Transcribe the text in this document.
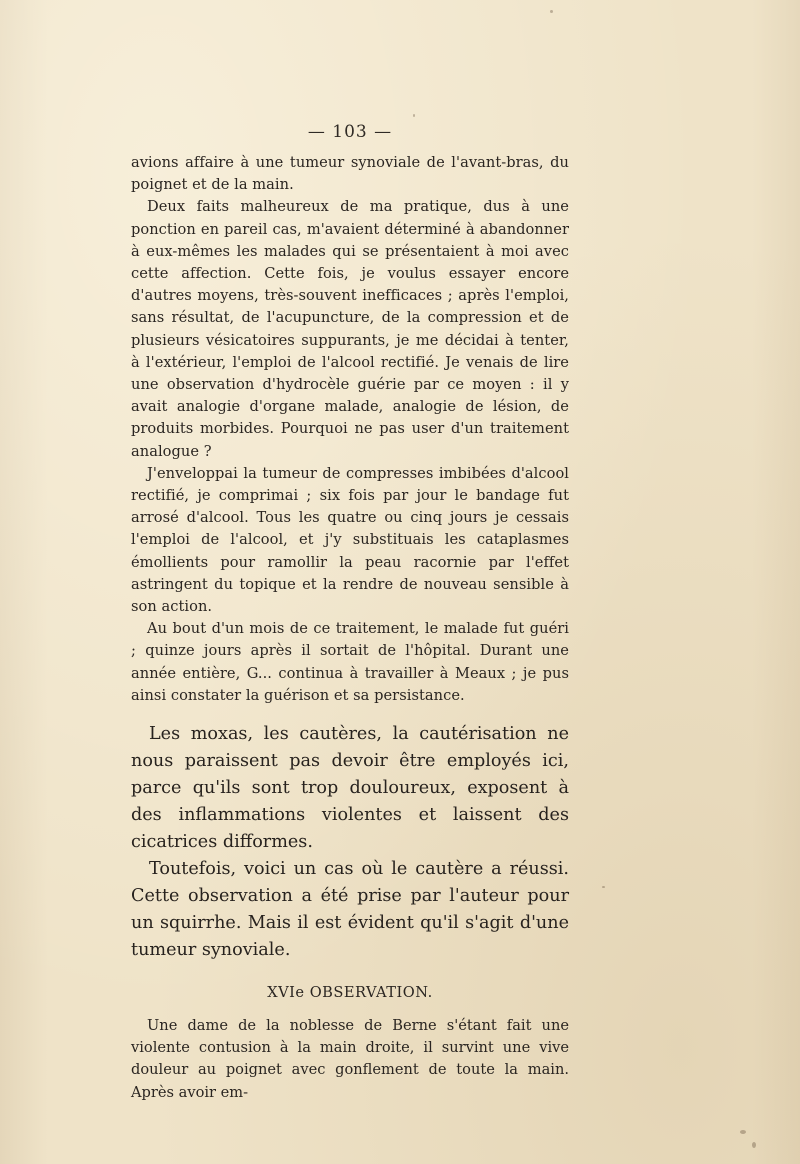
— 103 —

avions affaire à une tumeur synoviale de l'avant-bras, du poignet et de la main.

Deux faits malheureux de ma pratique, dus à une ponction en pareil cas, m'avaient déterminé à abandonner à eux-mêmes les malades qui se présentaient à moi avec cette affection. Cette fois, je voulus essayer encore d'autres moyens, très-souvent inefficaces ; après l'emploi, sans résultat, de l'acupuncture, de la compression et de plusieurs vésicatoires suppurants, je me décidai à tenter, à l'extérieur, l'emploi de l'alcool rectifié. Je venais de lire une observation d'hydrocèle guérie par ce moyen : il y avait analogie d'organe malade, analogie de lésion, de produits morbides. Pourquoi ne pas user d'un traitement analogue ?

J'enveloppai la tumeur de compresses imbibées d'alcool rectifié, je comprimai ; six fois par jour le bandage fut arrosé d'alcool. Tous les quatre ou cinq jours je cessais l'emploi de l'alcool, et j'y substituais les cataplasmes émollients pour ramollir la peau racornie par l'effet astringent du topique et la rendre de nouveau sensible à son action.

Au bout d'un mois de ce traitement, le malade fut guéri ; quinze jours après il sortait de l'hôpital. Durant une année entière, G... continua à travailler à Meaux ; je pus ainsi constater la guérison et sa persistance.

Les moxas, les cautères, la cautérisation ne nous paraissent pas devoir être employés ici, parce qu'ils sont trop douloureux, exposent à des inflammations violentes et laissent des cicatrices difformes.

Toutefois, voici un cas où le cautère a réussi. Cette observation a été prise par l'auteur pour un squirrhe. Mais il est évident qu'il s'agit d'une tumeur synoviale.

XVIe OBSERVATION.

Une dame de la noblesse de Berne s'étant fait une violente contusion à la main droite, il survint une vive douleur au poignet avec gonflement de toute la main. Après avoir em-
